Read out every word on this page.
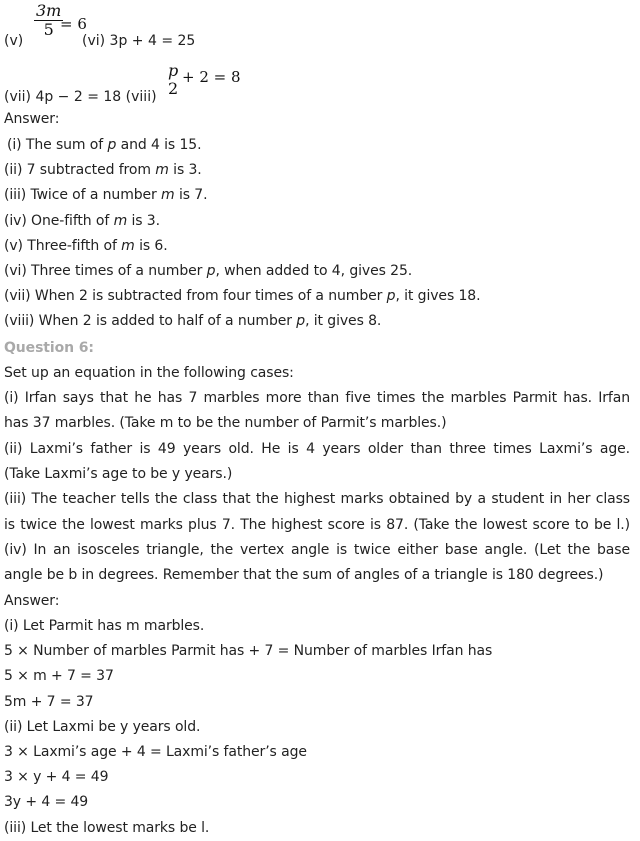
(v)
$\frac{3m}{5}$
= 6
(vi) 3p + 4 = 25
(vii) 4p − 2 = 18 (viii)
p
2
+ 2 = 8
Answer:
(i) The sum of p and 4 is 15.
(ii) 7 subtracted from m is 3.
(iii) Twice of a number m is 7.
(iv) One-fifth of m is 3.
(v) Three-fifth of m is 6.
(vi) Three times of a number p, when added to 4, gives 25.
(vii) When 2 is subtracted from four times of a number p, it gives 18.
(viii) When 2 is added to half of a number p, it gives 8.
Question 6:
Set up an equation in the following cases:
(i) Irfan says that he has 7 marbles more than five times the marbles Parmit has. Irfan
has 37 marbles. (Take m to be the number of Parmit’s marbles.)
(ii) Laxmi’s father is 49 years old. He is 4 years older than three times Laxmi’s age.
(Take Laxmi’s age to be y years.)
(iii) The teacher tells the class that the highest marks obtained by a student in her class
is twice the lowest marks plus 7. The highest score is 87. (Take the lowest score to be l.)
(iv) In an isosceles triangle, the vertex angle is twice either base angle. (Let the base
angle be b in degrees. Remember that the sum of angles of a triangle is 180 degrees.)
Answer:
(i) Let Parmit has m marbles.
5 × Number of marbles Parmit has + 7 = Number of marbles Irfan has
5 × m + 7 = 37
5m + 7 = 37
(ii) Let Laxmi be y years old.
3 × Laxmi’s age + 4 = Laxmi’s father’s age
3 × y + 4 = 49
3y + 4 = 49
(iii) Let the lowest marks be l.
